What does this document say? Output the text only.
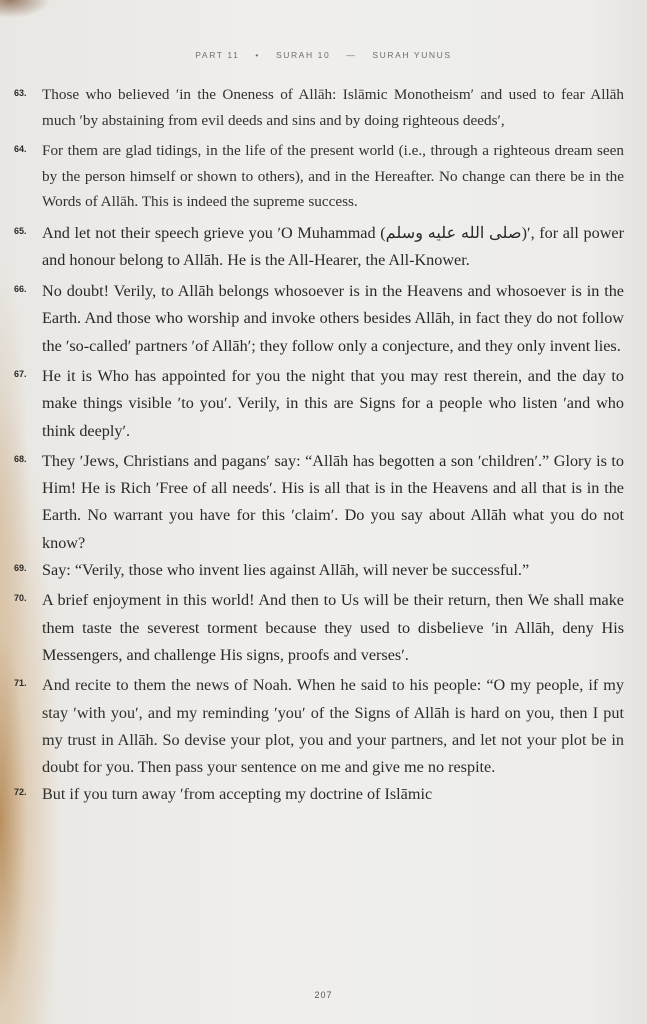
PART 11 • SURAH 10 — SURAH YUNUS
63.	Those who believed ʹin the Oneness of Allāh: Islāmic Monotheismʹ and used to fear Allāh much ʹby abstaining from evil deeds and sins and by doing righteous deedsʹ,
64.	For them are glad tidings, in the life of the present world (i.e., through a righteous dream seen by the person himself or shown to others), and in the Hereafter. No change can there be in the Words of Allāh. This is indeed the supreme success.
65. And let not their speech grieve you ʹO Muhammad (صلى الله عليه وسلم)ʹ, for all power and honour belong to Allāh. He is the All-Hearer, the All-Knower.
66. No doubt! Verily, to Allāh belongs whosoever is in the Heavens and whosoever is in the Earth. And those who worship and invoke others besides Allāh, in fact they do not follow the ʹso-calledʹ partners ʹof Allāhʹ; they follow only a conjecture, and they only invent lies.
67. He it is Who has appointed for you the night that you may rest therein, and the day to make things visible ʹto youʹ. Verily, in this are Signs for a people who listen ʹand who think deeplyʹ.
68. They ʹJews, Christians and pagansʹ say: “Allāh has begotten a son ʹchildrenʹ.” Glory is to Him! He is Rich ʹFree of all needsʹ. His is all that is in the Heavens and all that is in the Earth. No warrant you have for this ʹclaimʹ. Do you say about Allāh what you do not know?
69. Say: “Verily, those who invent lies against Allāh, will never be successful.”
70. A brief enjoyment in this world! And then to Us will be their return, then We shall make them taste the severest torment because they used to disbelieve ʹin Allāh, deny His Messengers, and challenge His signs, proofs and versesʹ.
71. And recite to them the news of Noah. When he said to his people: “O my people, if my stay ʹwith youʹ, and my reminding ʹyouʹ of the Signs of Allāh is hard on you, then I put my trust in Allāh. So devise your plot, you and your partners, and let not your plot be in doubt for you. Then pass your sentence on me and give me no respite.
72. But if you turn away ʹfrom accepting my doctrine of Islāmic
207
